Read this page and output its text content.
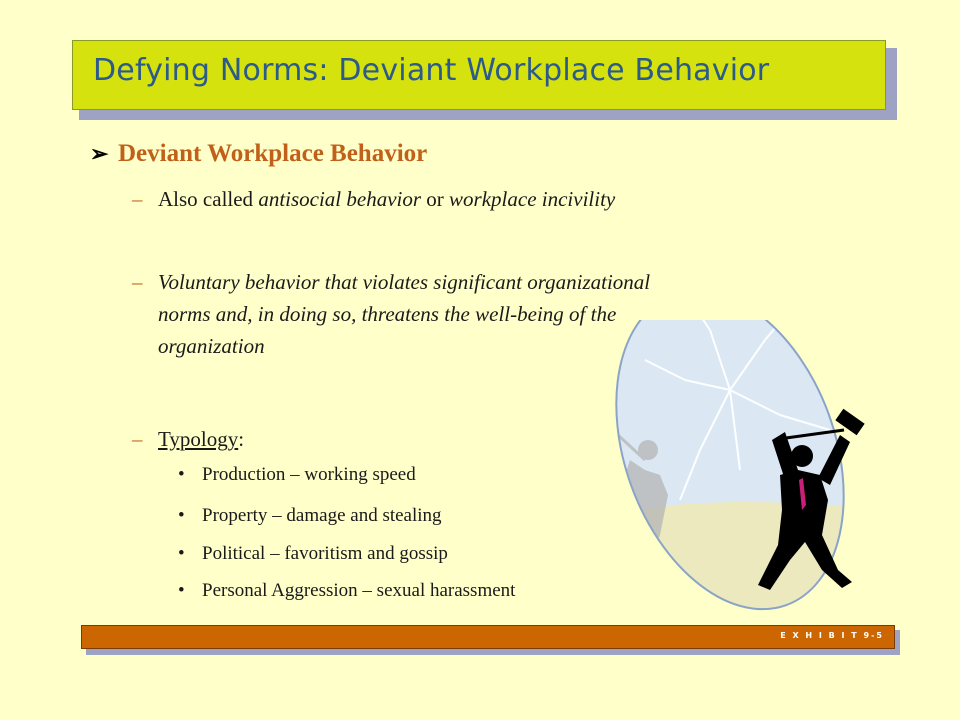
Defying Norms: Deviant Workplace Behavior
➢ Deviant Workplace Behavior
– Also called antisocial behavior or workplace incivility
– Voluntary behavior that violates significant organizational
norms and, in doing so, threatens the well-being of the
organization
– Typology:
• Production – working speed
• Property – damage and stealing
• Political – favoritism and gossip
• Personal Aggression – sexual harassment
E X H I B I T 9-5
